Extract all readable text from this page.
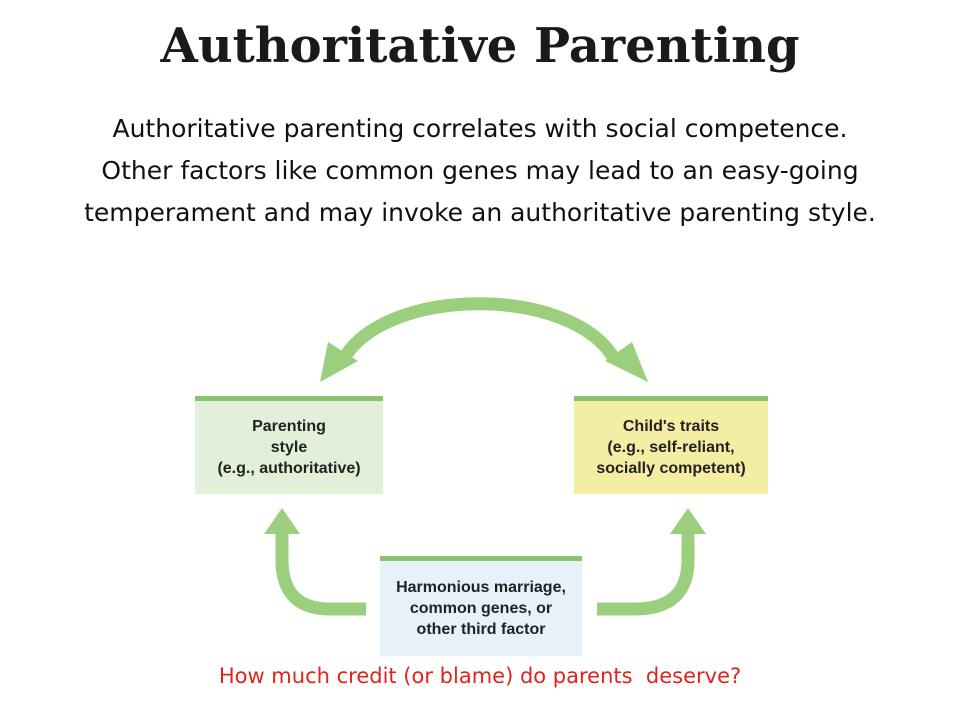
Authoritative Parenting
Authoritative parenting correlates with social competence.
Other factors like common genes may lead to an easy-going
temperament and may invoke an authoritative parenting style.
Parenting
style
(e.g., authoritative)
Child's traits
(e.g., self-reliant,
socially competent)
Harmonious marriage,
common genes, or
other third factor
How much credit (or blame) do parents  deserve?
